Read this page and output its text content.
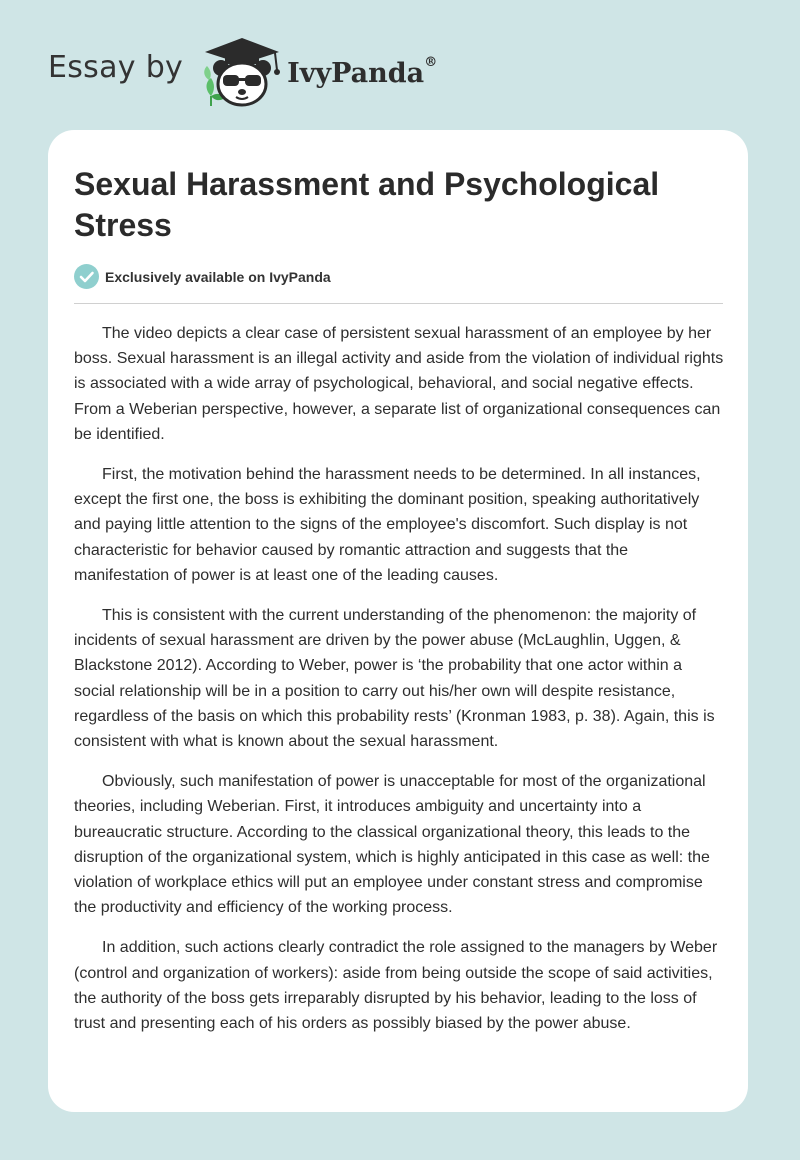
Essay by	IvyPanda®
Sexual Harassment and Psychological Stress
Exclusively available on IvyPanda

The video depicts a clear case of persistent sexual harassment of an employee by her boss. Sexual harassment is an illegal activity and aside from the violation of individual rights is associated with a wide array of psychological, behavioral, and social negative effects. From a Weberian perspective, however, a separate list of organizational consequences can be identified.

First, the motivation behind the harassment needs to be determined. In all instances, except the first one, the boss is exhibiting the dominant position, speaking authoritatively and paying little attention to the signs of the employee's discomfort. Such display is not characteristic for behavior caused by romantic attraction and suggests that the manifestation of power is at least one of the leading causes.

This is consistent with the current understanding of the phenomenon: the majority of incidents of sexual harassment are driven by the power abuse (McLaughlin, Uggen, & Blackstone 2012). According to Weber, power is ‘the probability that one actor within a social relationship will be in a position to carry out his/her own will despite resistance, regardless of the basis on which this probability rests’ (Kronman 1983, p. 38). Again, this is consistent with what is known about the sexual harassment.

Obviously, such manifestation of power is unacceptable for most of the organizational theories, including Weberian. First, it introduces ambiguity and uncertainty into a bureaucratic structure. According to the classical organizational theory, this leads to the disruption of the organizational system, which is highly anticipated in this case as well: the violation of workplace ethics will put an employee under constant stress and compromise the productivity and efficiency of the working process.

In addition, such actions clearly contradict the role assigned to the managers by Weber (control and organization of workers): aside from being outside the scope of said activities, the authority of the boss gets irreparably disrupted by his behavior, leading to the loss of trust and presenting each of his orders as possibly biased by the power abuse.
